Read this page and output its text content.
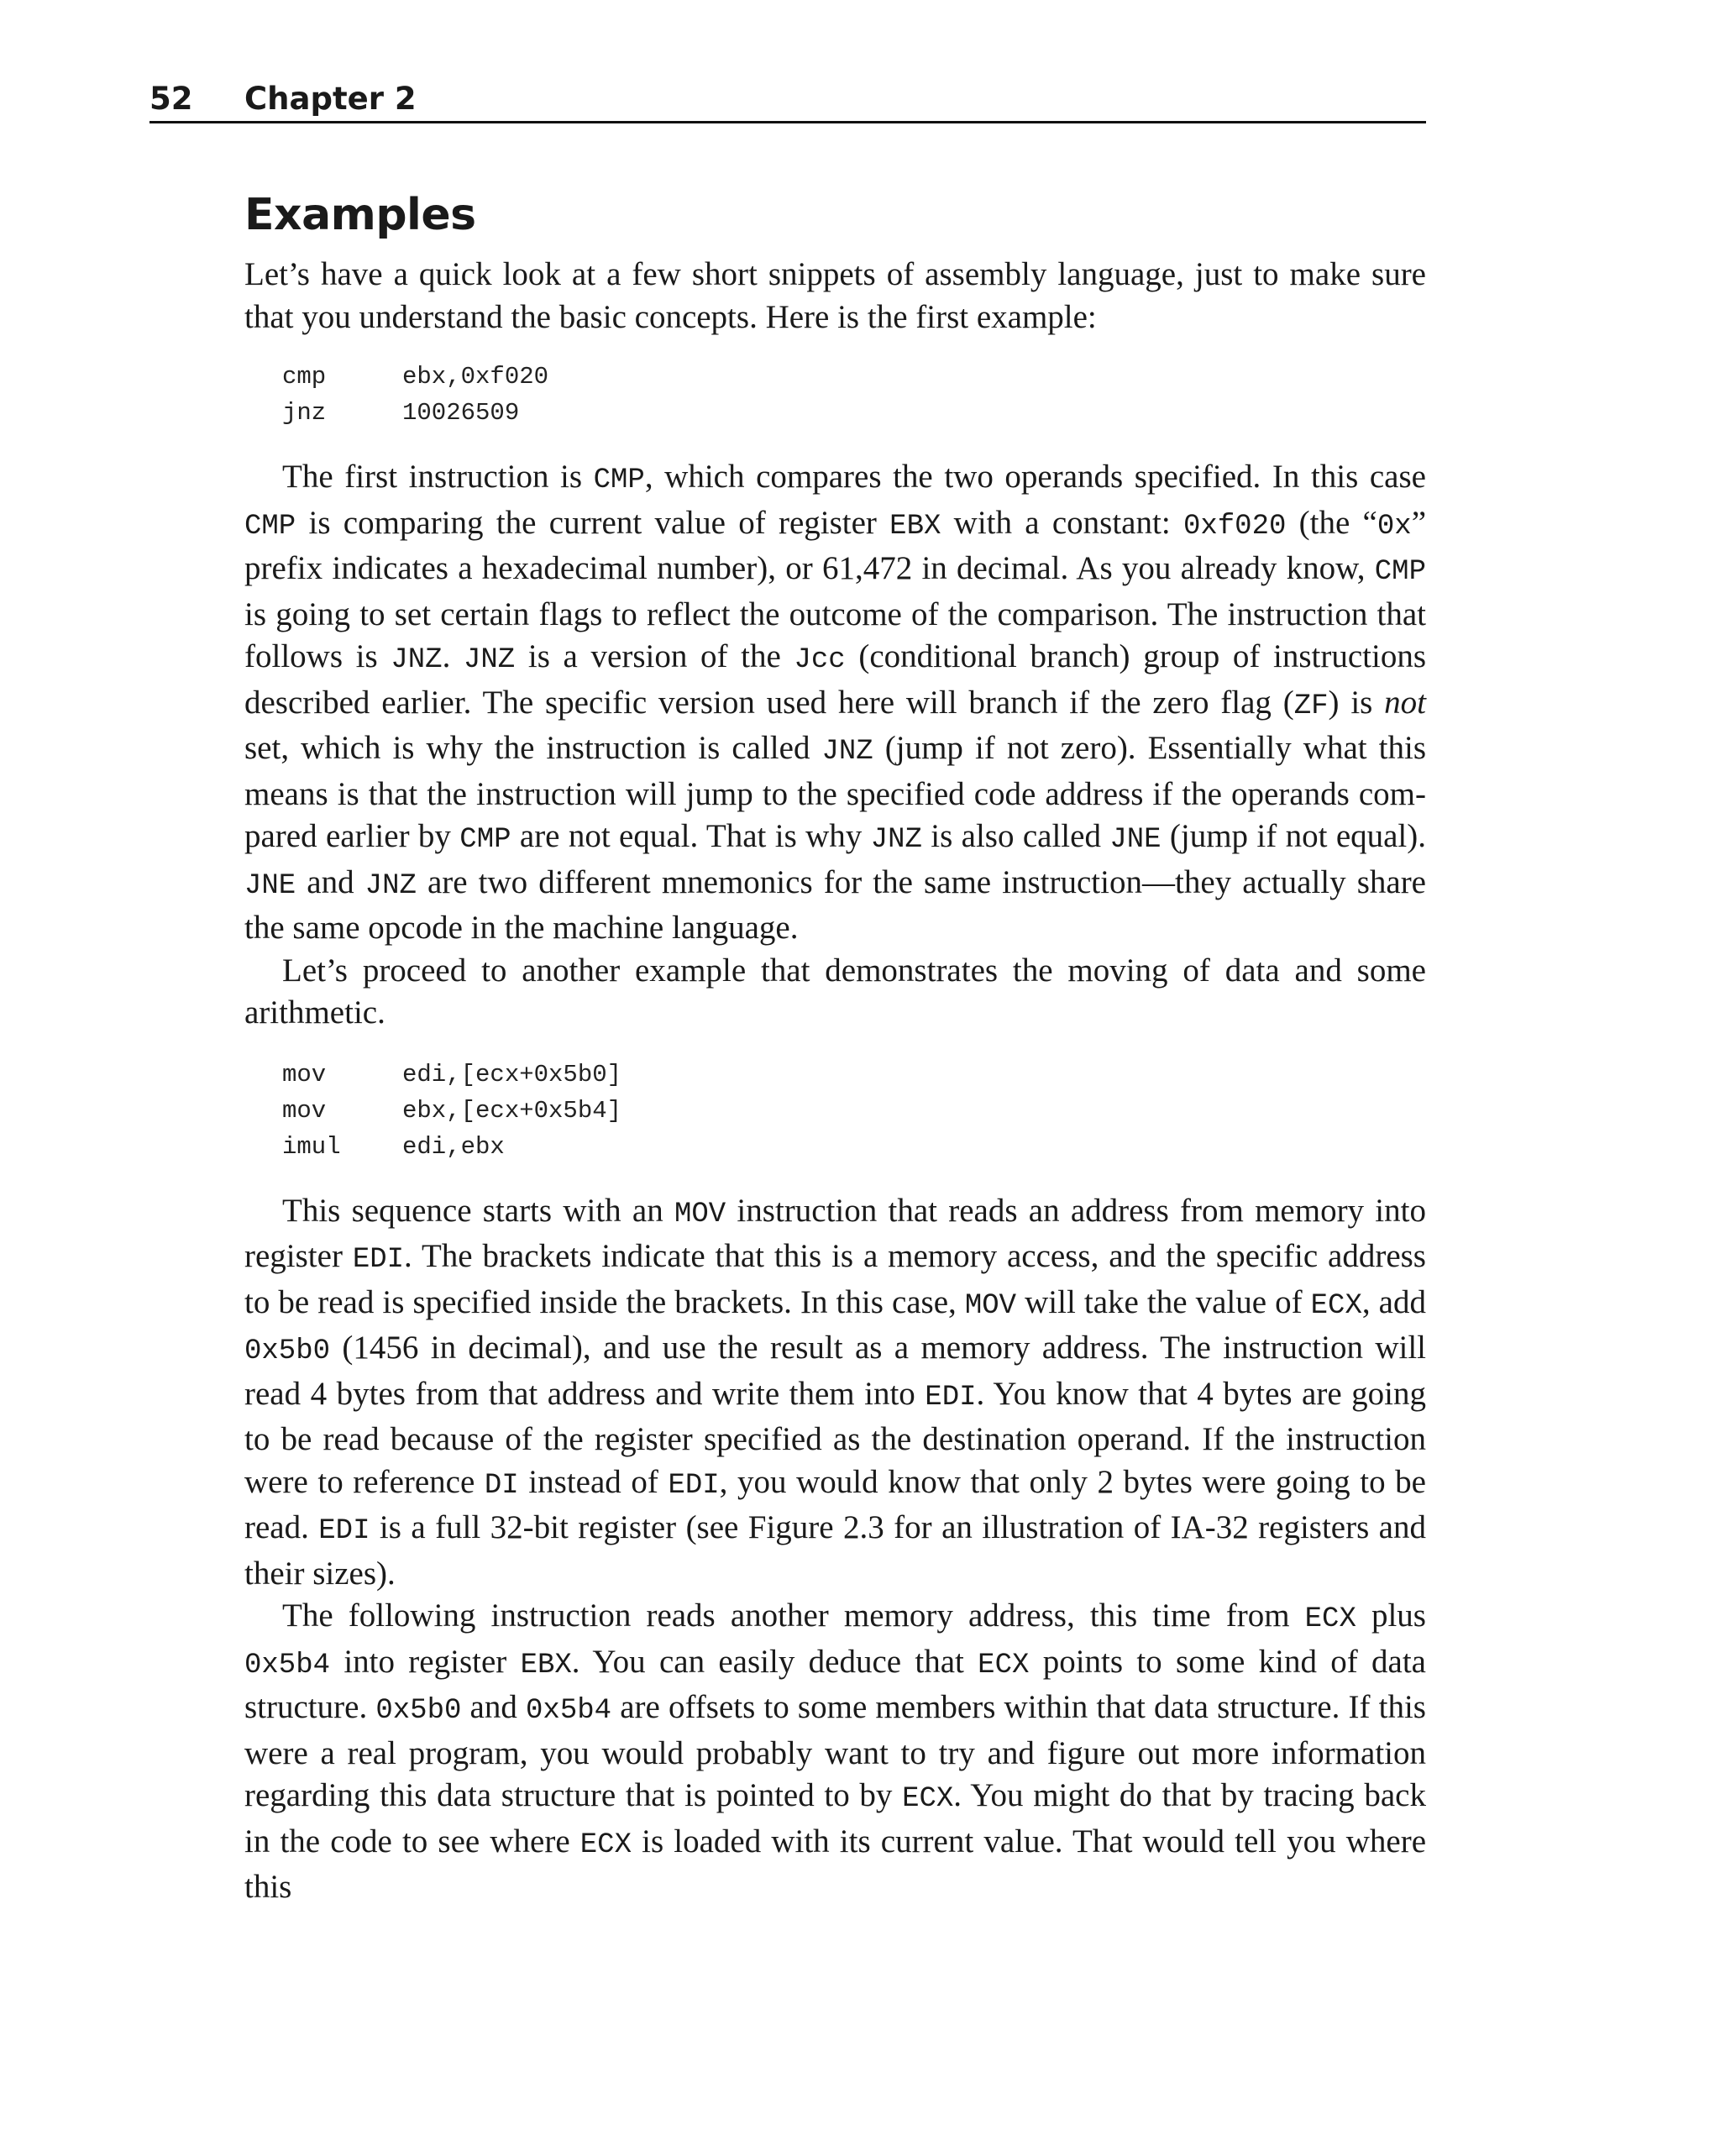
52 Chapter 2
Examples

Let’s have a quick look at a few short snippets of assembly language, just to make sure that you understand the basic concepts. Here is the first example:

cmp	ebx,0xf020
jnz	10026509

The first instruction is CMP, which compares the two operands specified. In this case CMP is comparing the current value of register EBX with a constant: 0xf020 (the “0x” prefix indicates a hexadecimal number), or 61,472 in decimal. As you already know, CMP is going to set certain flags to reflect the outcome of the comparison. The instruction that follows is JNZ. JNZ is a version of the Jcc (conditional branch) group of instructions described earlier. The specific version used here will branch if the zero flag (ZF) is not set, which is why the instruction is called JNZ (jump if not zero). Essentially what this means is that the instruction will jump to the specified code address if the operands compared earlier by CMP are not equal. That is why JNZ is also called JNE (jump if not equal). JNE and JNZ are two different mnemonics for the same instruction—they actually share the same opcode in the machine language.

Let’s proceed to another example that demonstrates the moving of data and some arithmetic.

mov	edi,[ecx+0x5b0]
mov	ebx,[ecx+0x5b4]
imul	edi,ebx

This sequence starts with an MOV instruction that reads an address from memory into register EDI. The brackets indicate that this is a memory access, and the specific address to be read is specified inside the brackets. In this case, MOV will take the value of ECX, add 0x5b0 (1456 in decimal), and use the result as a memory address. The instruction will read 4 bytes from that address and write them into EDI. You know that 4 bytes are going to be read because of the register specified as the destination operand. If the instruction were to reference DI instead of EDI, you would know that only 2 bytes were going to be read. EDI is a full 32-bit register (see Figure 2.3 for an illustration of IA-32 registers and their sizes).

The following instruction reads another memory address, this time from ECX plus 0x5b4 into register EBX. You can easily deduce that ECX points to some kind of data structure. 0x5b0 and 0x5b4 are offsets to some members within that data structure. If this were a real program, you would probably want to try and figure out more information regarding this data structure that is pointed to by ECX. You might do that by tracing back in the code to see where ECX is loaded with its current value. That would tell you where this
